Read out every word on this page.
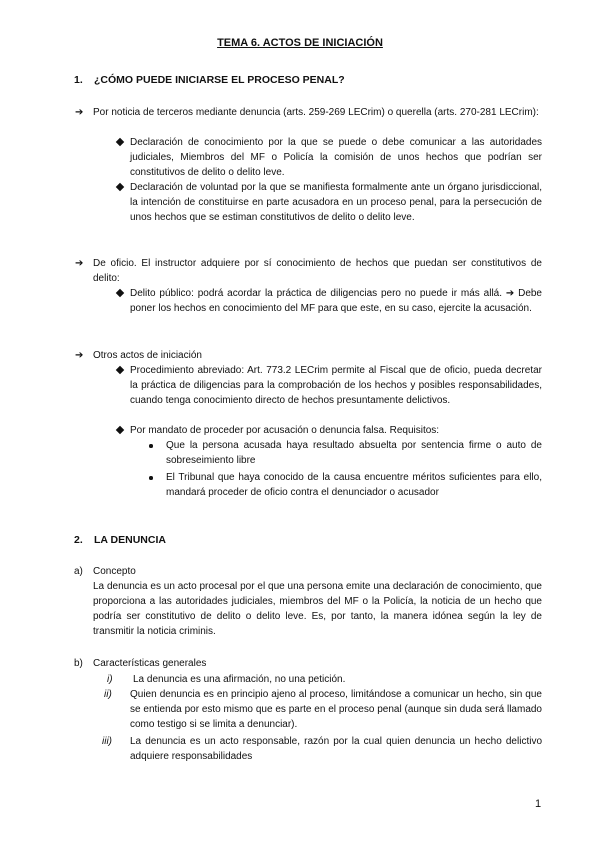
TEMA 6. ACTOS DE INICIACIÓN
1. ¿CÓMO PUEDE INICIARSE EL PROCESO PENAL?
➔ Por noticia de terceros mediante denuncia (arts. 259-269 LECrim) o querella (arts. 270-281 LECrim):
Declaración de conocimiento por la que se puede o debe comunicar a las autoridades judiciales, Miembros del MF o Policía la comisión de unos hechos que podrían ser constitutivos de delito o delito leve.
Declaración de voluntad por la que se manifiesta formalmente ante un órgano jurisdiccional, la intención de constituirse en parte acusadora en un proceso penal, para la persecución de unos hechos que se estiman constitutivos de delito o delito leve.
➔ De oficio. El instructor adquiere por sí conocimiento de hechos que puedan ser constitutivos de delito:
Delito público: podrá acordar la práctica de diligencias pero no puede ir más allá. ➔ Debe poner los hechos en conocimiento del MF para que este, en su caso, ejercite la acusación.
➔ Otros actos de iniciación
Procedimiento abreviado: Art. 773.2 LECrim permite al Fiscal que de oficio, pueda decretar la práctica de diligencias para la comprobación de los hechos y posibles responsabilidades, cuando tenga conocimiento directo de hechos presuntamente delictivos.
Por mandato de proceder por acusación o denuncia falsa. Requisitos:
Que la persona acusada haya resultado absuelta por sentencia firme o auto de sobreseimiento libre
El Tribunal que haya conocido de la causa encuentre méritos suficientes para ello, mandará proceder de oficio contra el denunciador o acusador
2. LA DENUNCIA
a) Concepto
La denuncia es un acto procesal por el que una persona emite una declaración de conocimiento, que proporciona a las autoridades judiciales, miembros del MF o la Policía, la noticia de un hecho que podría ser constitutivo de delito o delito leve. Es, por tanto, la manera idónea según la ley de transmitir la noticia criminis.
b) Características generales
i) La denuncia es una afirmación, no una petición.
ii) Quien denuncia es en principio ajeno al proceso, limitándose a comunicar un hecho, sin que se entienda por esto mismo que es parte en el proceso penal (aunque sin duda será llamado como testigo si se limita a denunciar).
iii) La denuncia es un acto responsable, razón por la cual quien denuncia un hecho delictivo adquiere responsabilidades
1
